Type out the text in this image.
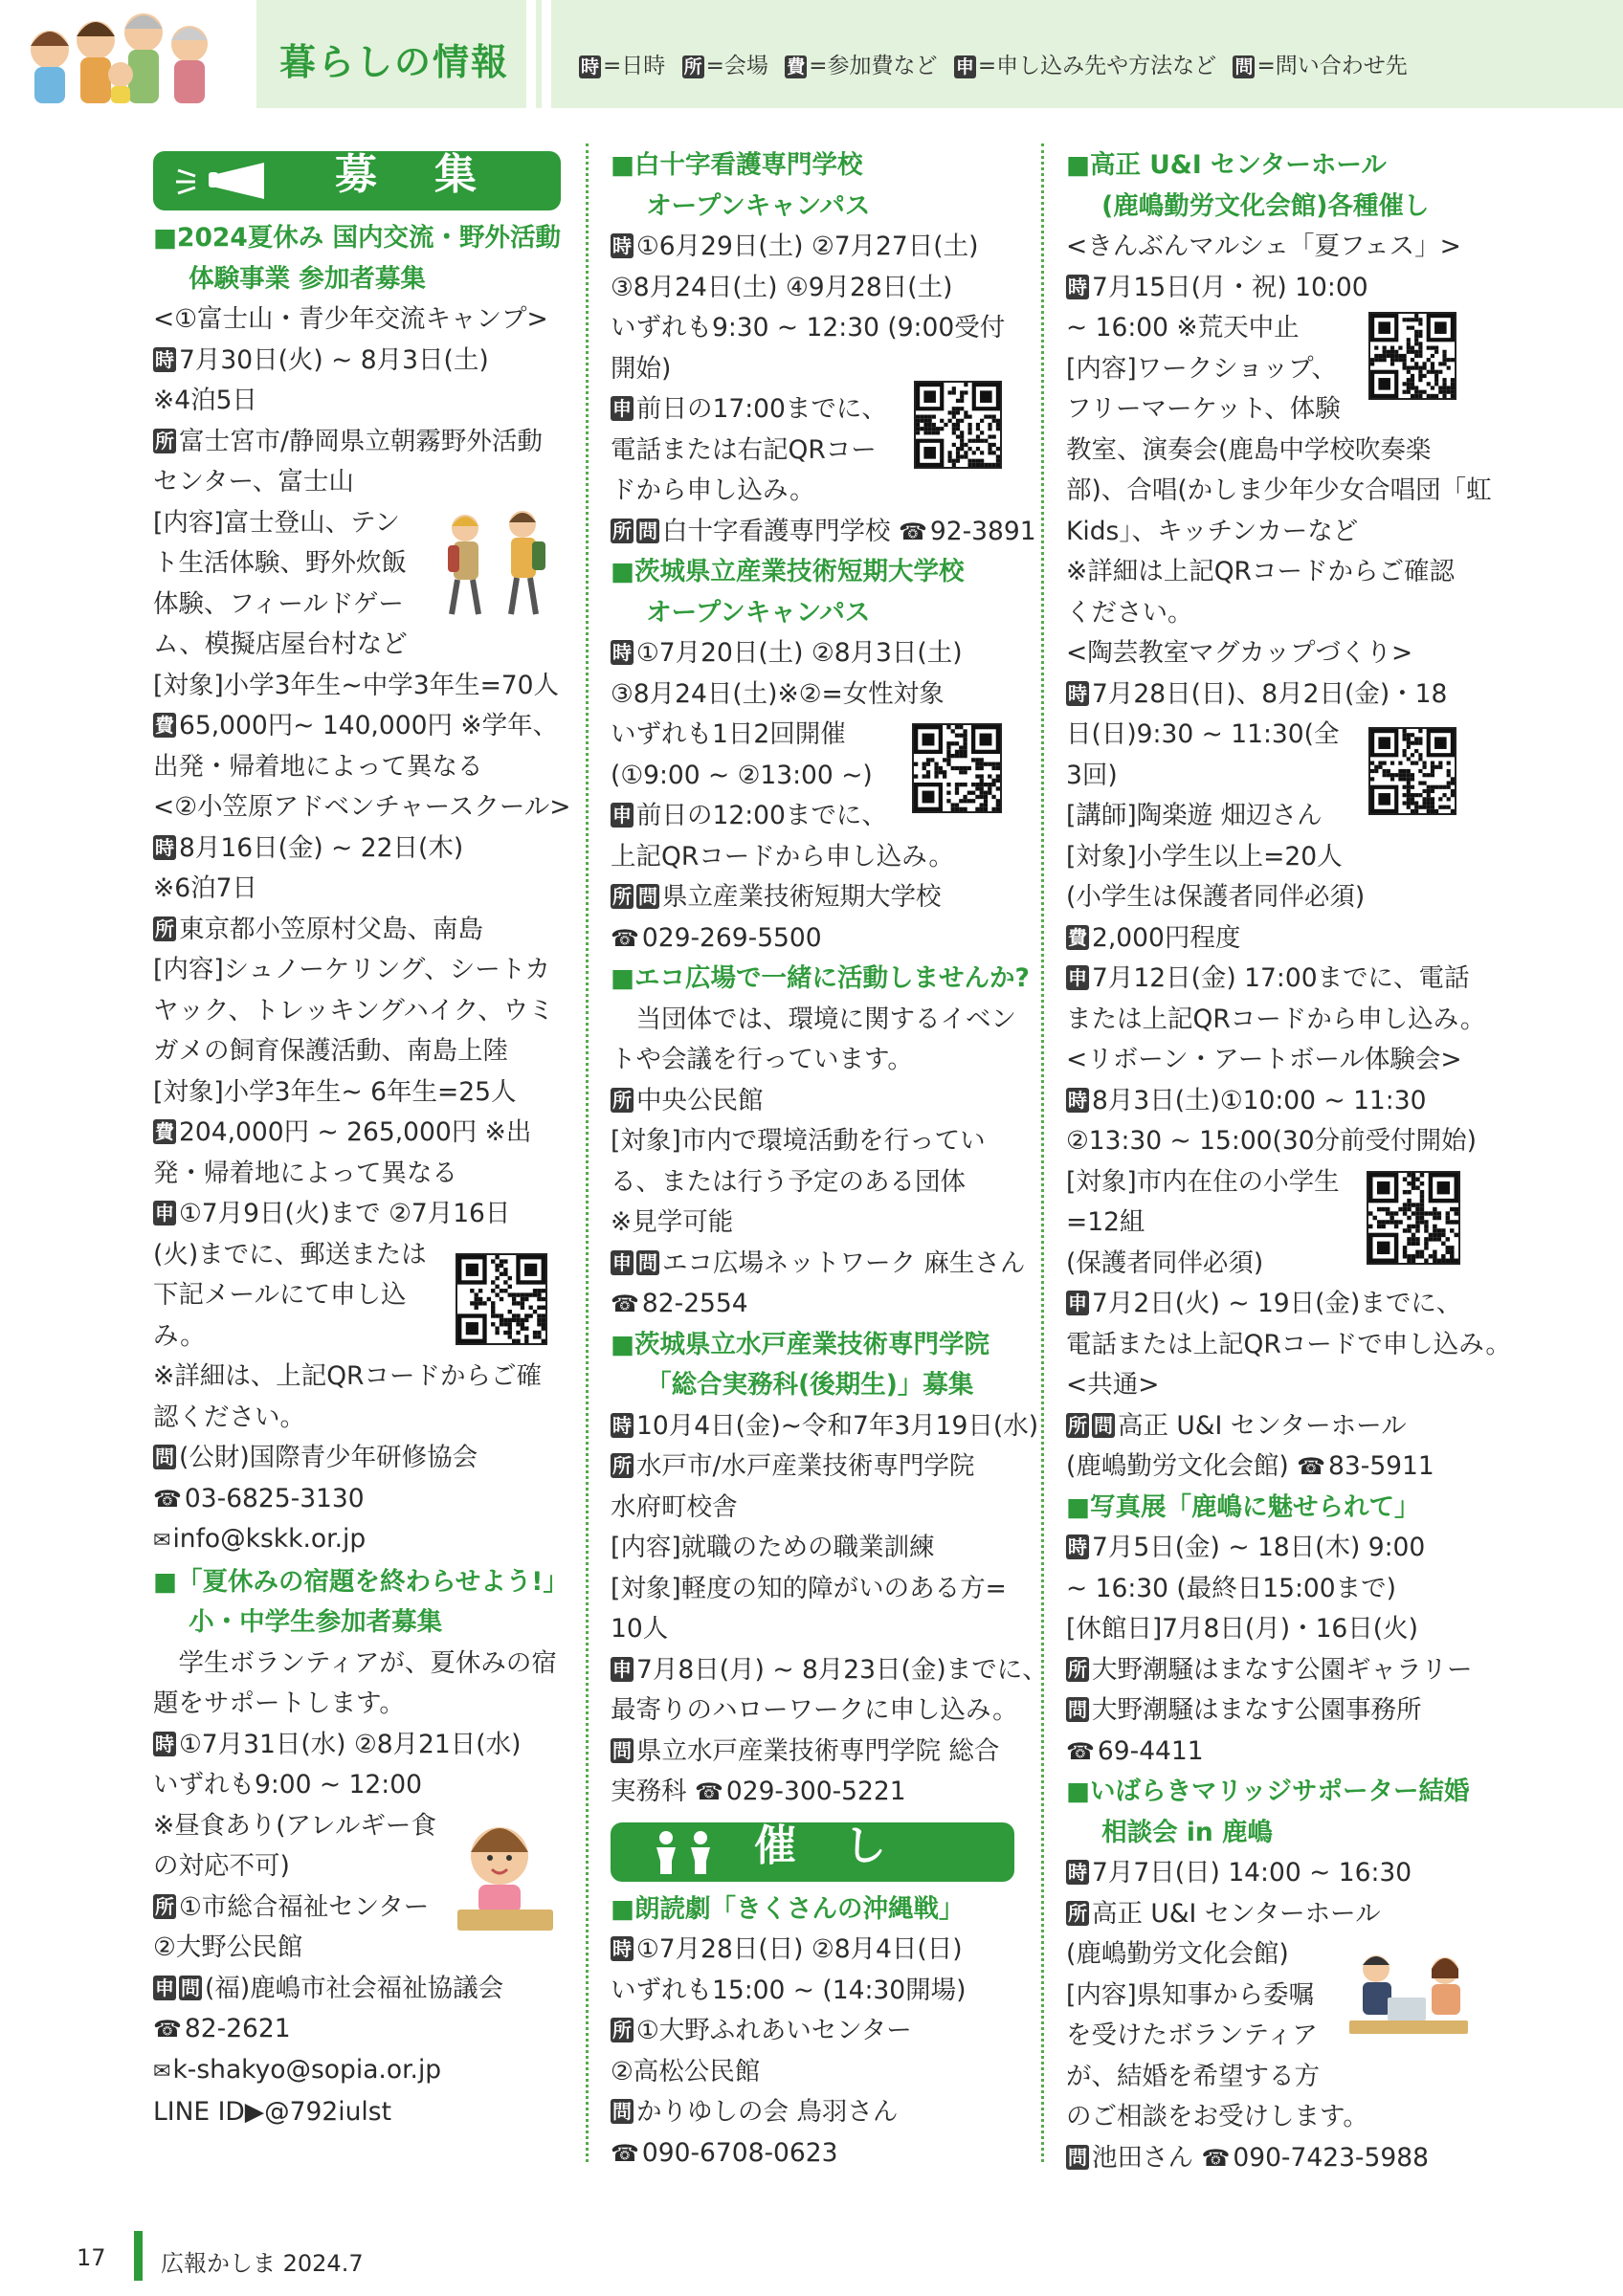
暮らしの情報	時 =日時 所 =会場 費 =参加費など 申 =申し込み先や方法など 問 =問い合わせ先
募集

■2024夏休み 国内交流・野外活動

体験事業 参加者募集

<①富士山・青少年交流キャンプ>

時 7月30日(火) ~ 8月3日(土)

※4泊5日

所 富士宮市/静岡県立朝霧野外活動

センター、富士山

[内容]富士登山、テン

ト生活体験、野外炊飯

体験、フィールドゲー

ム、模擬店屋台村など

[対象]小学3年生~中学3年生=70人

費 65,000円~ 140,000円 ※学年、

出発・帰着地によって異なる

<②小笠原アドベンチャースクール>

時 8月16日(金) ~ 22日(木)

※6泊7日

所 東京都小笠原村父島、南島

[内容]シュノーケリング、シートカ

ヤック、トレッキングハイク、ウミ

ガメの飼育保護活動、南島上陸

[対象]小学3年生~ 6年生=25人

費 204,000円 ~ 265,000円 ※出

発・帰着地によって異なる

申 ①7月9日(火)まで ②7月16日

(火)までに、郵送または

下記メールにて申し込

み。

※詳細は、上記QRコードからご確

認ください。

問 (公財)国際青少年研修協会

☎ 03-6825-3130

✉info@kskk.or.jp

■「夏休みの宿題を終わらせよう!」

小・中学生参加者募集

学生ボランティアが、夏休みの宿

題をサポートします。

時 ①7月31日(水) ②8月21日(水)

いずれも9:00 ~ 12:00

※昼食あり(アレルギー食

の対応不可)

所 ①市総合福祉センター

②大野公民館

申 問 (福)鹿嶋市社会福祉協議会

☎ 82-2621

✉k-shakyo@sopia.or.jp

LINE ID▶@792iulst

■白十字看護専門学校

オープンキャンパス

時 ①6月29日(土) ②7月27日(土)

③8月24日(土) ④9月28日(土)

いずれも9:30 ~ 12:30 (9:00受付

開始)

申 前日の17:00までに、

電話または右記QRコー

ドから申し込み。

所 問 白十字看護専門学校 ☎ 92-3891

■茨城県立産業技術短期大学校

オープンキャンパス

時 ①7月20日(土) ②8月3日(土)

③8月24日(土)※②=女性対象

いずれも1日2回開催

(①9:00 ~ ②13:00 ~)

申 前日の12:00までに、

上記QRコードから申し込み。

所 問 県立産業技術短期大学校

☎ 029-269-5500

■エコ広場で一緒に活動しませんか?

当団体では、環境に関するイベン

トや会議を行っています。

所 中央公民館

[対象]市内で環境活動を行ってい

る、または行う予定のある団体

※見学可能

申 問 エコ広場ネットワーク 麻生さん

☎ 82-2554

■茨城県立水戸産業技術専門学院

「総合実務科(後期生)」募集

時 10月4日(金)~令和7年3月19日(水)

所 水戸市/水戸産業技術専門学院

水府町校舎

[内容]就職のための職業訓練

[対象]軽度の知的障がいのある方=

10人

申 7月8日(月) ~ 8月23日(金)までに、

最寄りのハローワークに申し込み。

問 県立水戸産業技術専門学院 総合

実務科 ☎ 029-300-5221

催し

■朗読劇「きくさんの沖縄戦」

時 ①7月28日(日) ②8月4日(日)

いずれも15:00 ~ (14:30開場)

所 ①大野ふれあいセンター

②高松公民館

問 かりゆしの会 鳥羽さん

☎ 090-6708-0623

■高正 U&I センターホール

(鹿嶋勤労文化会館)各種催し

<きんぶんマルシェ「夏フェス」>

時 7月15日(月・祝) 10:00

~ 16:00 ※荒天中止

[内容]ワークショップ、

フリーマーケット、体験

教室、演奏会(鹿島中学校吹奏楽

部)、合唱(かしま少年少女合唱団「虹

Kids」、キッチンカーなど

※詳細は上記QRコードからご確認

ください。

<陶芸教室マグカップづくり>

時 7月28日(日)、8月2日(金)・18

日(日)9:30 ~ 11:30(全

3回)

[講師]陶楽遊 畑辺さん

[対象]小学生以上=20人

(小学生は保護者同伴必須)

費 2,000円程度

申 7月12日(金) 17:00までに、電話

または上記QRコードから申し込み。

<リボーン・アートボール体験会>

時 8月3日(土)①10:00 ~ 11:30

②13:30 ~ 15:00(30分前受付開始)

[対象]市内在住の小学生

=12組

(保護者同伴必須)

申 7月2日(火) ~ 19日(金)までに、

電話または上記QRコードで申し込み。

<共通>

所 問 高正 U&I センターホール

(鹿嶋勤労文化会館) ☎ 83-5911

■写真展「鹿嶋に魅せられて」

時 7月5日(金) ~ 18日(木) 9:00

~ 16:30 (最終日15:00まで)

[休館日]7月8日(月)・16日(火)

所 大野潮騒はまなす公園ギャラリー

問 大野潮騒はまなす公園事務所

☎ 69-4411

■いばらきマリッジサポーター結婚

相談会 in 鹿嶋

時 7月7日(日) 14:00 ~ 16:30

所 高正 U&I センターホール

(鹿嶋勤労文化会館)

[内容]県知事から委嘱

を受けたボランティア

が、結婚を希望する方

のご相談をお受けします。

問 池田さん ☎ 090-7423-5988

17 広報かしま 2024.7
